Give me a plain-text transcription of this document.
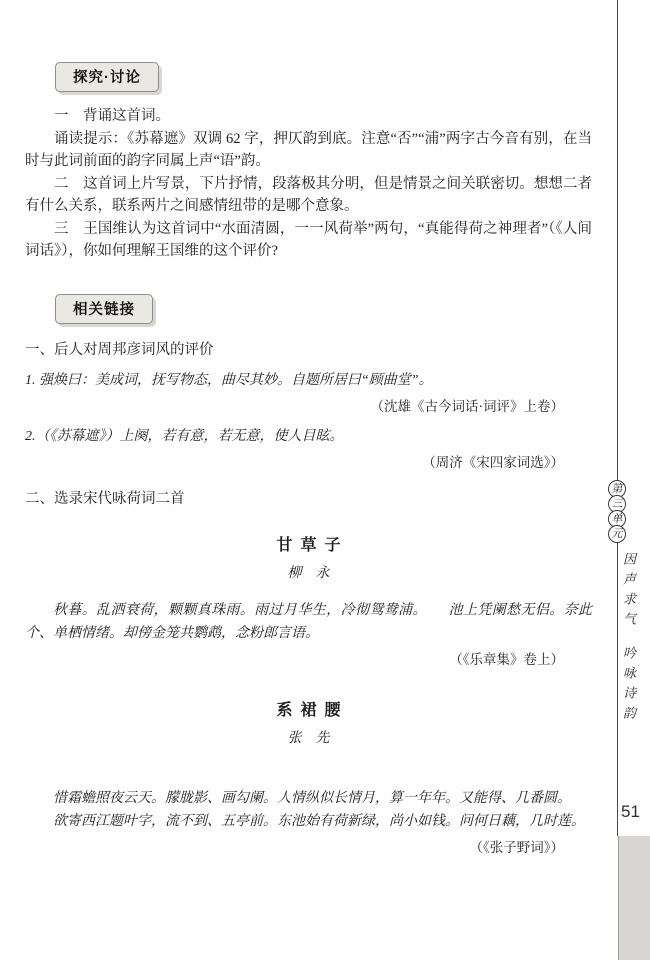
探究·讨论

一　背诵这首词。

诵读提示：《苏幕遮》双调 62 字，押仄韵到底。注意“否”“浦”两字古今音有别，在当时与此词前面的韵字同属上声“语”韵。

二　这首词上片写景，下片抒情，段落极其分明，但是情景之间关联密切。想想二者有什么关系，联系两片之间感情纽带的是哪个意象。

三　王国维认为这首词中“水面清圆，一一风荷举”两句，“真能得荷之神理者”（《人间词话》），你如何理解王国维的这个评价?

相关链接

一、后人对周邦彦词风的评价

1. 强焕曰：美成词，抚写物态，曲尽其妙。自题所居曰“顾曲堂”。

（沈雄《古今词话·词评》上卷）

2.（《苏幕遮》）上阕，若有意，若无意，使人目眩。

（周济《宋四家词选》）

二、选录宋代咏荷词二首

甘草子
柳　永

秋暮。乱洒衰荷，颗颗真珠雨。雨过月华生，冷彻鸳鸯浦。　　池上凭阑愁无侣。奈此个、单栖情绪。却傍金笼共鹦鹉，念粉郎言语。

（《乐章集》卷上）

系裙腰
张　先

惜霜蟾照夜云天。朦胧影、画勾阑。人情纵似长情月，算一年年。又能得、几番圆。

欲寄西江题叶字，流不到、五亭前。东池始有荷新绿，尚小如钱。问何日藕，几时莲。

（《张子野词》）

第
三
单
元
因声求气吟咏诗韵
51
